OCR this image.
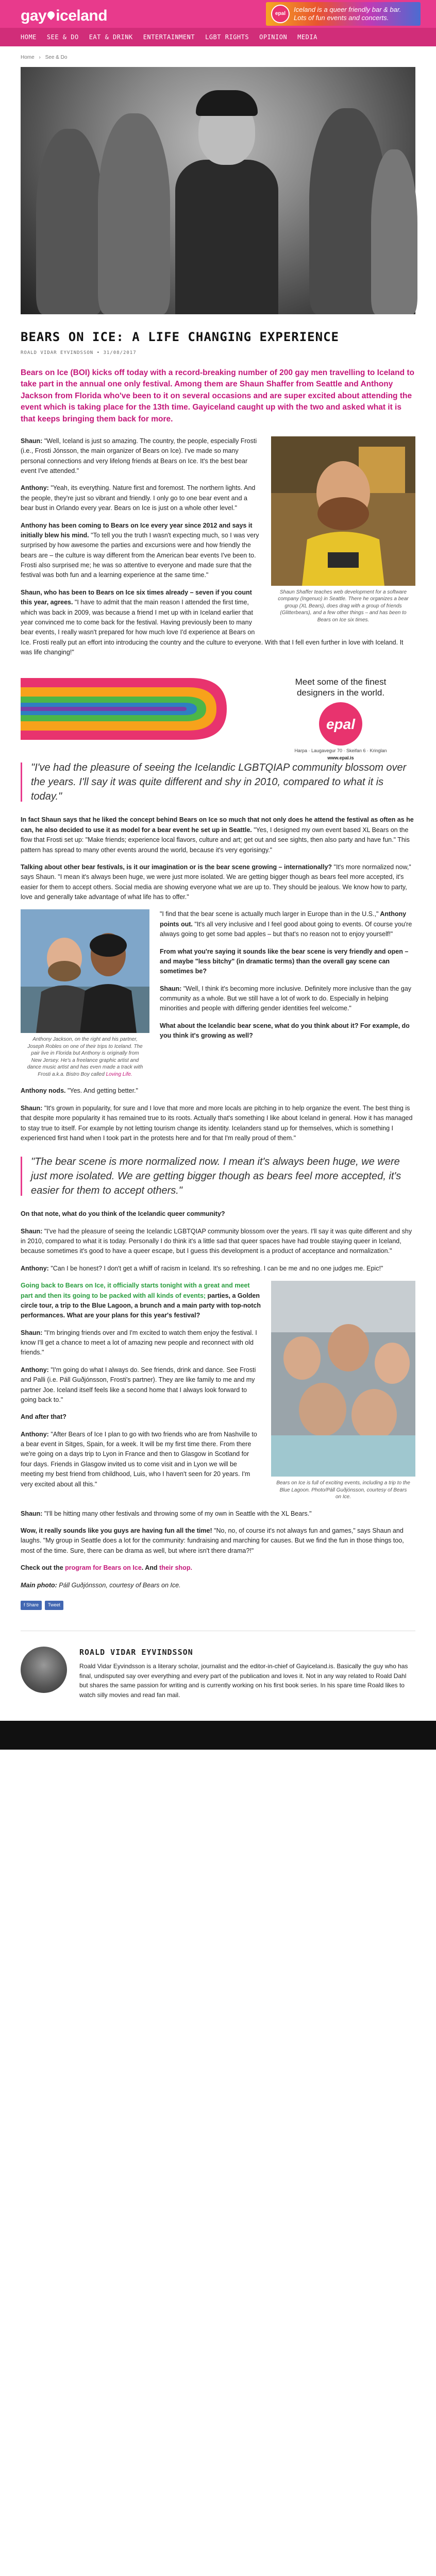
gay iceland	epal
Iceland is a queer friendly bar & bar. Lots of fun events and concerts.
HOME SEE & DO EAT & DRINK ENTERTAINMENT LGBT RIGHTS OPINION MEDIA
Home › See & Do
BEARS ON ICE: A LIFE CHANGING EXPERIENCE
ROALD VIDAR EYVINDSSON • 31/08/2017

Bears on Ice (BOI) kicks off today with a record-breaking number of 200 gay men travelling to Iceland to take part in the annual one only festival. Among them are Shaun Shaffer from Seattle and Anthony Jackson from Florida who've been to it on several occasions and are super excited about attending the event which is taking place for the 13th time. Gayiceland caught up with the two and asked what it is that keeps bringing them back for more.

Shaun Shaffer teaches web development for a software company (Ingenuo) in Seattle. There he organizes a bear group (XL Bears), does drag with a group of friends (Glitterbears), and a few other things – and has been to Bears on Ice six times.

Shaun: "Well, Iceland is just so amazing. The country, the people, especially Frosti (i.e., Frosti Jónsson, the main organizer of Bears on Ice). I've made so many personal connections and very lifelong friends at Bears on Ice. It's the best bear event I've attended."

Anthony: "Yeah, its everything. Nature first and foremost. The northern lights. And the people, they're just so vibrant and friendly. I only go to one bear event and a bear bust in Orlando every year. Bears on Ice is just on a whole other level."

Anthony has been coming to Bears on Ice every year since 2012 and says it initially blew his mind. "To tell you the truth I wasn't expecting much, so I was very surprised by how awesome the parties and excursions were and how friendly the bears are – the culture is way different from the American bear events I've been to. Frosti also surprised me; he was so attentive to everyone and made sure that the festival was both fun and a learning experience at the same time."

Shaun, who has been to Bears on Ice six times already – seven if you count this year, agrees. "I have to admit that the main reason I attended the first time, which was back in 2009, was because a friend I met up with in Iceland earlier that year convinced me to come back for the festival. Having previously been to many bear events, I really wasn't prepared for how much love I'd experience at Bears on Ice. Frosti really put an effort into introducing the country and the culture to everyone. With that I fell even further in love with Iceland. It was life changing!"

Meet some of the finest designers in the world.
epal
Harpa · Laugavegur 70 · Skeifan 6 · Kringlan
www.epal.is
"I've had the pleasure of seeing the Icelandic LGBTQIAP community blossom over the years. I'll say it was quite different and shy in 2010, compared to what it is today."

In fact Shaun says that he liked the concept behind Bears on Ice so much that not only does he attend the festival as often as he can, he also decided to use it as model for a bear event he set up in Seattle. "Yes, I designed my own event based XL Bears on the flow that Frosti set up: "Make friends; experience local flavors, culture and art; get out and see sights, then also party and have fun." This pattern has spread to many other events around the world, because it's very egorisingy."

Talking about other bear festivals, is it our imagination or is the bear scene growing – internationally? "It's more normalized now," says Shaun. "I mean it's always been huge, we were just more isolated. We are getting bigger though as bears feel more accepted, it's easier for them to accept others. Social media are showing everyone what we are up to. They should be jealous. We know how to party, love and generally take advantage of what life has to offer."

Anthony Jackson, on the right and his partner, Joseph Robles on one of their trips to Iceland. The pair live in Florida but Anthony is originally from New Jersey. He's a freelance graphic artist and dance music artist and has even made a track with Frosti a.k.a. Bistro Boy called Loving Life.

"I find that the bear scene is actually much larger in Europe than in the U.S.," Anthony points out. "It's all very inclusive and I feel good about going to events. Of course you're always going to get some bad apples – but that's no reason not to enjoy yourself!"

From what you're saying it sounds like the bear scene is very friendly and open – and maybe "less bitchy" (in dramatic terms) than the overall gay scene can sometimes be?

Shaun: "Well, I think it's becoming more inclusive. Definitely more inclusive than the gay community as a whole. But we still have a lot of work to do. Especially in helping minorities and people with differing gender identities feel welcome."

What about the Icelandic bear scene, what do you think about it? For example, do you think it's growing as well?

Anthony nods. "Yes. And getting better."

Shaun: "It's grown in popularity, for sure and I love that more and more locals are pitching in to help organize the event. The best thing is that despite more popularity it has remained true to its roots. Actually that's something I like about Iceland in general. How it has managed to stay true to itself. For example by not letting tourism change its identity. Icelanders stand up for themselves, which is something I experienced first hand when I took part in the protests here and for that I'm really proud of them."

"The bear scene is more normalized now. I mean it's always been huge, we were just more isolated. We are getting bigger though as bears feel more accepted, it's easier for them to accept others."

On that note, what do you think of the Icelandic queer community?

Shaun: "I've had the pleasure of seeing the Icelandic LGBTQIAP community blossom over the years. I'll say it was quite different and shy in 2010, compared to what it is today. Personally I do think it's a little sad that queer spaces have had trouble staying queer in Iceland, because sometimes it's good to have a queer escape, but I guess this development is a product of acceptance and normalization."

Anthony: "Can I be honest? I don't get a whiff of racism in Iceland. It's so refreshing. I can be me and no one judges me. Epic!"

Bears on Ice is full of exciting events, including a trip to the Blue Lagoon. Photo/Páll Guðjónsson, courtesy of Bears on Ice.

Going back to Bears on Ice, it officially starts tonight with a great and meet part and then its going to be packed with all kinds of events; parties, a Golden circle tour, a trip to the Blue Lagoon, a brunch and a main party with top-notch performances. What are your plans for this year's festival?

Shaun: "I'm bringing friends over and I'm excited to watch them enjoy the festival. I know I'll get a chance to meet a lot of amazing new people and reconnect with old friends."

Anthony: "I'm going do what I always do. See friends, drink and dance. See Frosti and Palli (i.e. Páll Guðjónsson, Frosti's partner). They are like family to me and my partner Joe. Iceland itself feels like a second home that I always look forward to going back to."

And after that?

Anthony: "After Bears of Ice I plan to go with two friends who are from Nashville to a bear event in Sitges, Spain, for a week. It will be my first time there. From there we're going on a days trip to Lyon in France and then to Glasgow in Scotland for four days. Friends in Glasgow invited us to come visit and in Lyon we will be meeting my best friend from childhood, Luis, who I haven't seen for 20 years. I'm very excited about all this."

Shaun: "I'll be hitting many other festivals and throwing some of my own in Seattle with the XL Bears."

Wow, it really sounds like you guys are having fun all the time! "No, no, of course it's not always fun and games," says Shaun and laughs. "My group in Seattle does a lot for the community: fundraising and marching for causes. But we find the fun in those things too, most of the time. Sure, there can be drama as well, but where isn't there drama?!"

Check out the program for Bears on Ice. And their shop.

Main photo: Páll Guðjónsson, courtesy of Bears on Ice.

f Share	Tweet
ROALD VIDAR EYVINDSSON
Roald Vidar Eyvindsson is a literary scholar, journalist and the editor-in-chief of Gayiceland.is. Basically the guy who has final, undisputed say over everything and every part of the publication and loves it. Not in any way related to Roald Dahl but shares the same passion for writing and is currently working on his first book series. In his spare time Roald likes to watch silly movies and read fan mail.
